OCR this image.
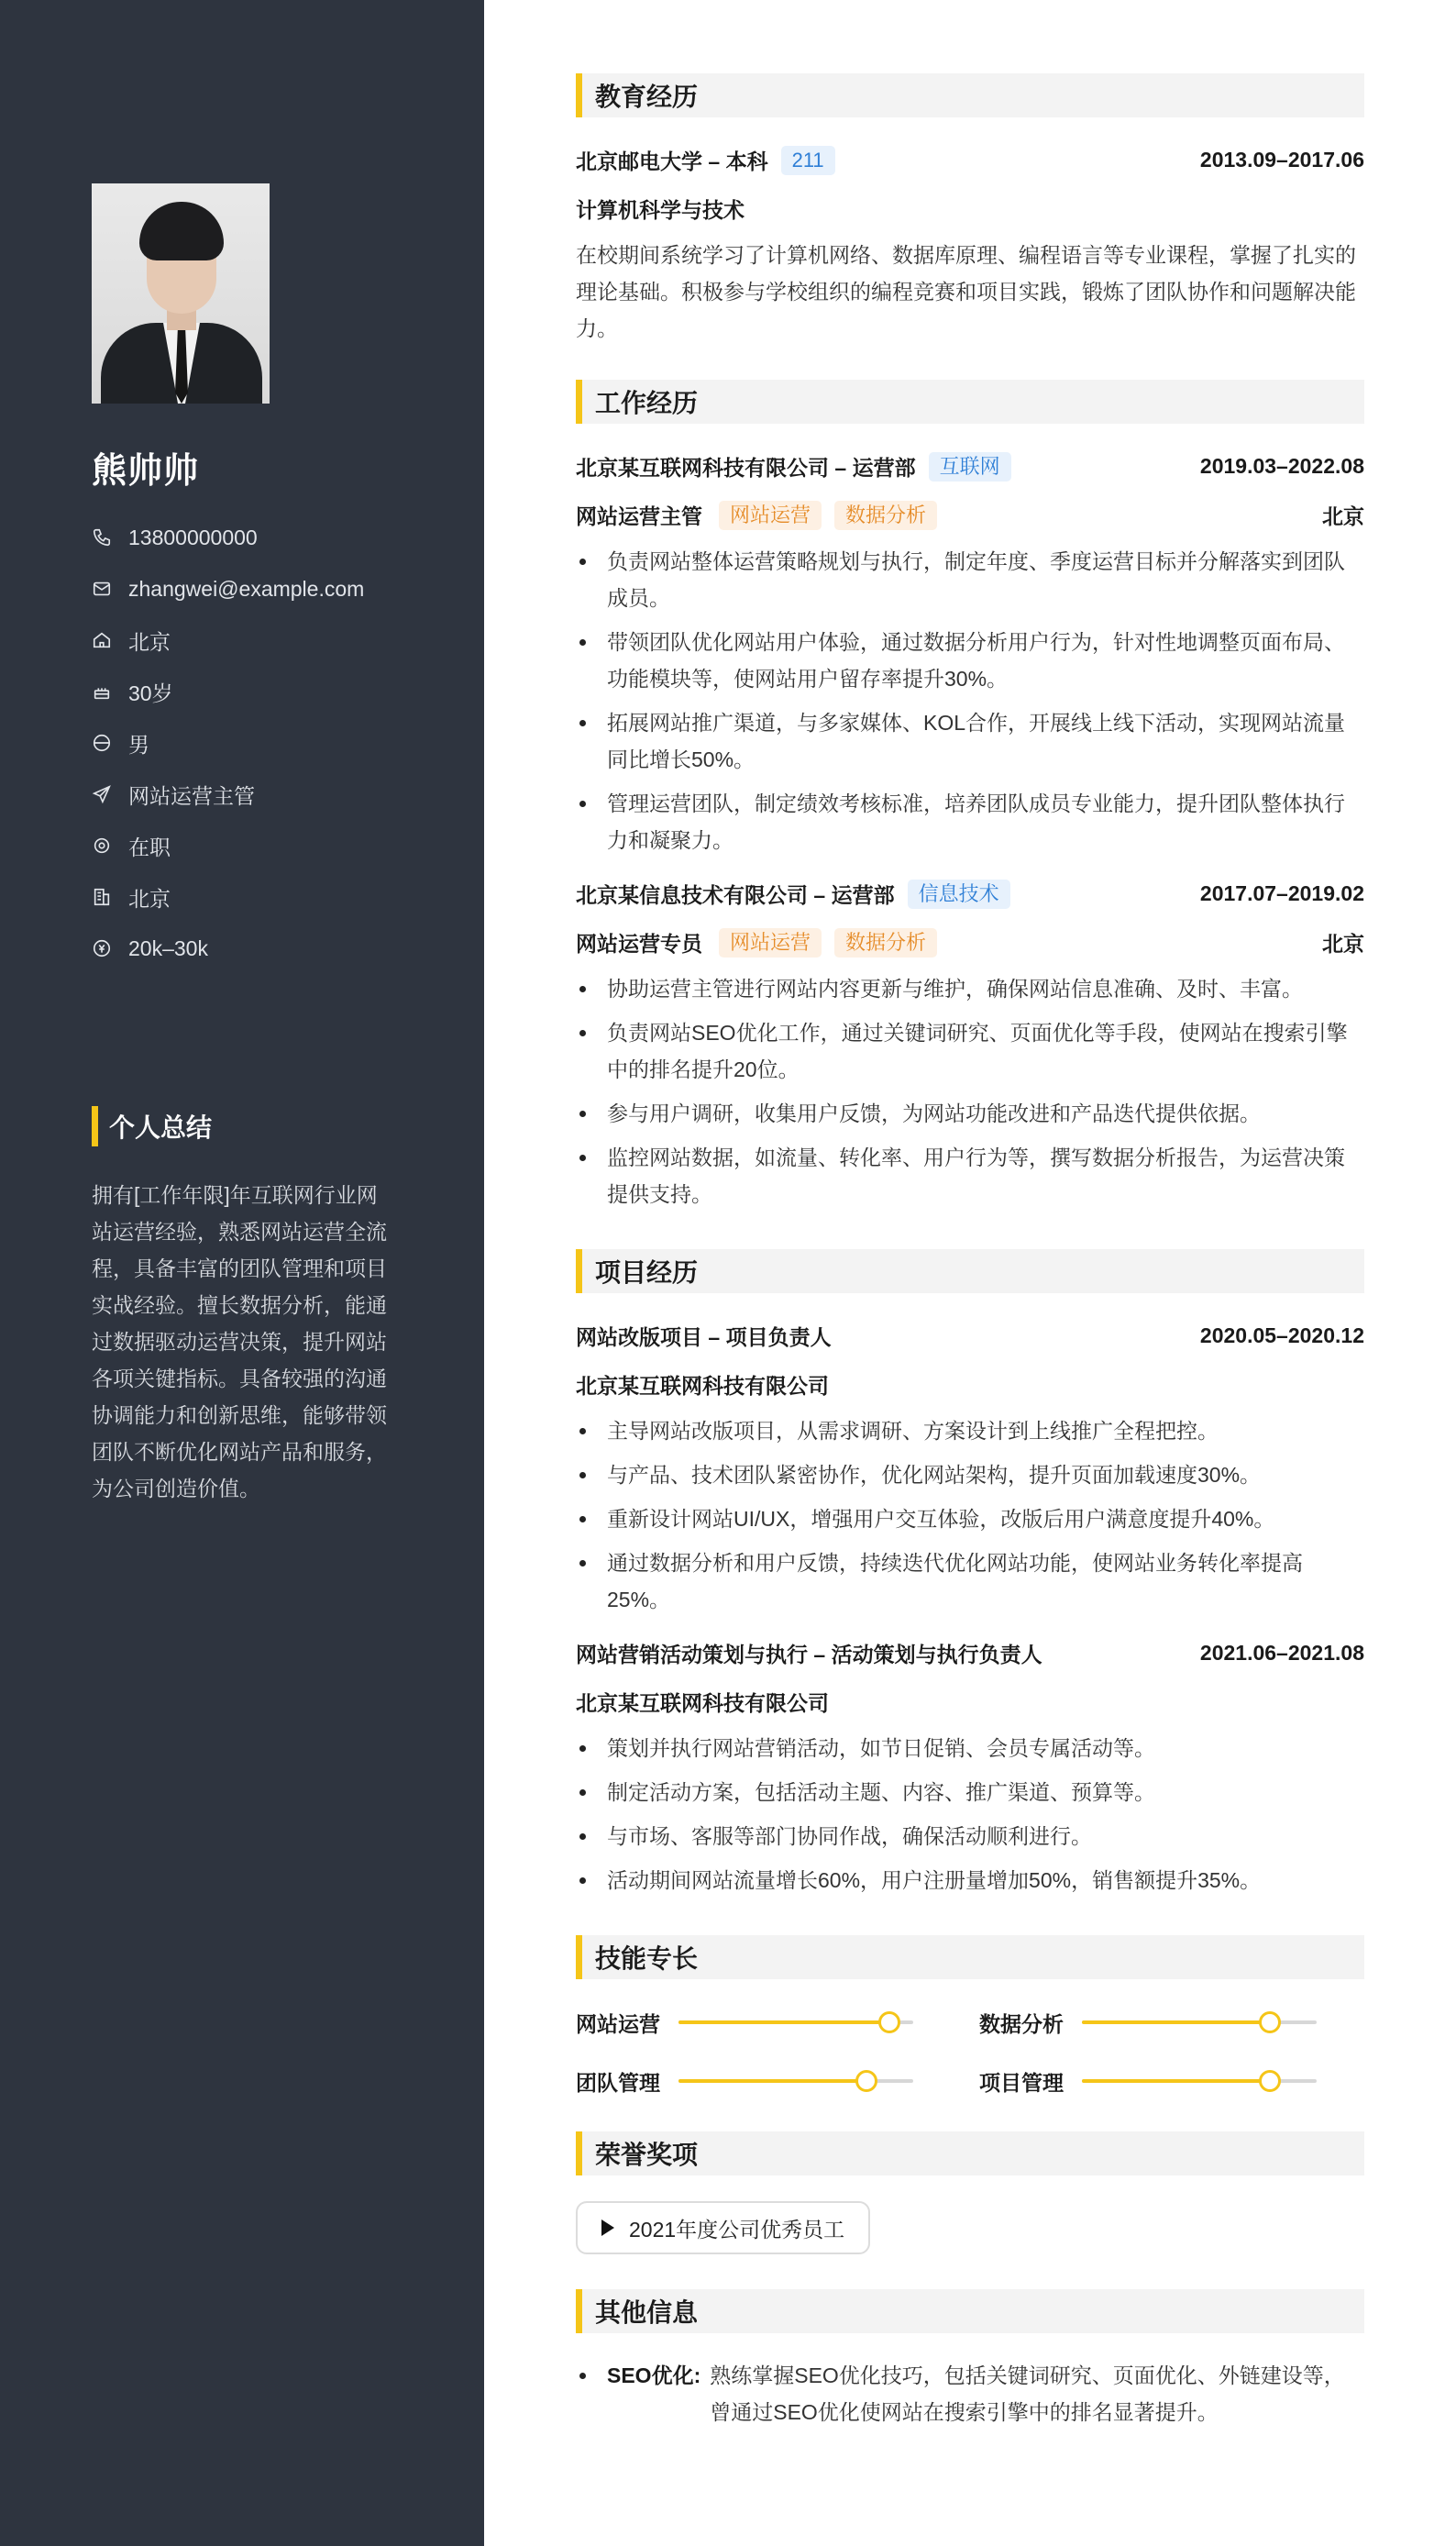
熊帅帅
13800000000
zhangwei@example.com
北京
30岁
男
网站运营主管
在职
北京
20k–30k
个人总结
拥有[工作年限]年互联网行业网站运营经验，熟悉网站运营全流程，具备丰富的团队管理和项目实战经验。擅长数据分析，能通过数据驱动运营决策，提升网站各项关键指标。具备较强的沟通协调能力和创新思维，能够带领团队不断优化网站产品和服务，为公司创造价值。
教育经历
北京邮电大学 – 本科	211	2013.09–2017.06
计算机科学与技术
在校期间系统学习了计算机网络、数据库原理、编程语言等专业课程，掌握了扎实的理论基础。积极参与学校组织的编程竞赛和项目实践，锻炼了团队协作和问题解决能力。
工作经历
北京某互联网科技有限公司 – 运营部	互联网	2019.03–2022.08
网站运营主管	网站运营	数据分析	北京
负责网站整体运营策略规划与执行，制定年度、季度运营目标并分解落实到团队成员。
带领团队优化网站用户体验，通过数据分析用户行为，针对性地调整页面布局、功能模块等，使网站用户留存率提升30%。
拓展网站推广渠道，与多家媒体、KOL合作，开展线上线下活动，实现网站流量同比增长50%。
管理运营团队，制定绩效考核标准，培养团队成员专业能力，提升团队整体执行力和凝聚力。
北京某信息技术有限公司 – 运营部	信息技术	2017.07–2019.02
网站运营专员	网站运营	数据分析	北京
协助运营主管进行网站内容更新与维护，确保网站信息准确、及时、丰富。
负责网站SEO优化工作，通过关键词研究、页面优化等手段，使网站在搜索引擎中的排名提升20位。
参与用户调研，收集用户反馈，为网站功能改进和产品迭代提供依据。
监控网站数据，如流量、转化率、用户行为等，撰写数据分析报告，为运营决策提供支持。
项目经历
网站改版项目 – 项目负责人	2020.05–2020.12
北京某互联网科技有限公司
主导网站改版项目，从需求调研、方案设计到上线推广全程把控。
与产品、技术团队紧密协作，优化网站架构，提升页面加载速度30%。
重新设计网站UI/UX，增强用户交互体验，改版后用户满意度提升40%。
通过数据分析和用户反馈，持续迭代优化网站功能，使网站业务转化率提高25%。
网站营销活动策划与执行 – 活动策划与执行负责人	2021.06–2021.08
北京某互联网科技有限公司
策划并执行网站营销活动，如节日促销、会员专属活动等。
制定活动方案，包括活动主题、内容、推广渠道、预算等。
与市场、客服等部门协同作战，确保活动顺利进行。
活动期间网站流量增长60%，用户注册量增加50%，销售额提升35%。
技能专长
网站运营	数据分析
团队管理	项目管理
荣誉奖项
2021年度公司优秀员工
其他信息
SEO优化: 熟练掌握SEO优化技巧，包括关键词研究、页面优化、外链建设等，曾通过SEO优化使网站在搜索引擎中的排名显著提升。
